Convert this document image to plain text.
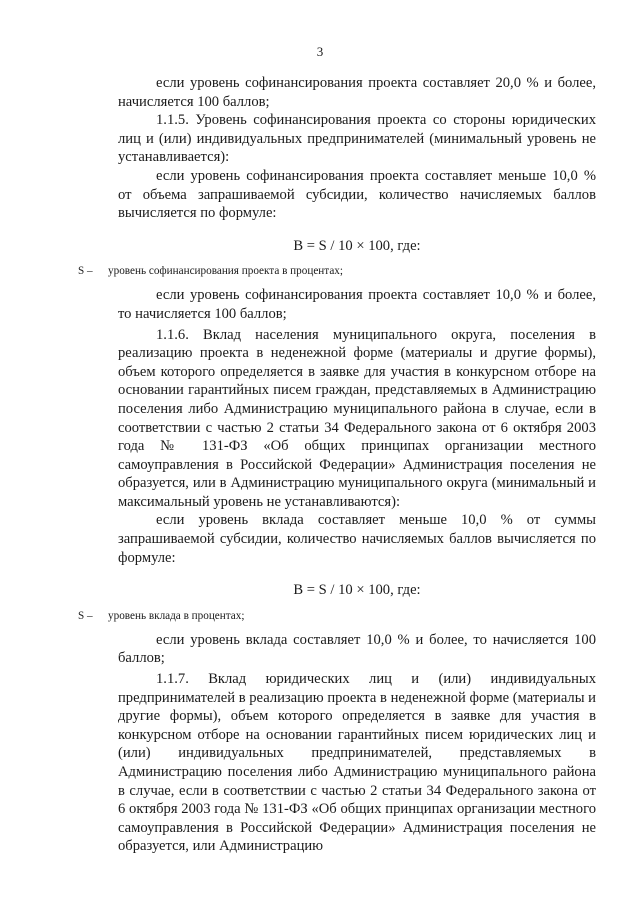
3

если уровень софинансирования проекта составляет 20,0 % и более, начисляется 100 баллов;

1.1.5. Уровень софинансирования проекта со стороны юридических лиц и (или) индивидуальных предпринимателей (минимальный уровень не устанавливается):

если уровень софинансирования проекта составляет меньше 10,0 % от объема запрашиваемой субсидии, количество начисляемых баллов вычисляется по формуле:

B = S / 10 × 100, где:

S – уровень софинансирования проекта в процентах;

если уровень софинансирования проекта составляет 10,0 % и более, то начисляется 100 баллов;

1.1.6. Вклад населения муниципального округа, поселения в реализацию проекта в неденежной форме (материалы и другие формы), объем которого определяется в заявке для участия в конкурсном отборе на основании гарантийных писем граждан, представляемых в Администрацию поселения либо Администрацию муниципального района в случае, если в соответствии с частью 2 статьи 34 Федерального закона от 6 октября 2003 года № 131-ФЗ «Об общих принципах организации местного самоуправления в Российской Федерации» Администрация поселения не образуется, или в Администрацию муниципального округа (минимальный и максимальный уровень не устанавливаются):

если уровень вклада составляет меньше 10,0 % от суммы запрашиваемой субсидии, количество начисляемых баллов вычисляется по формуле:

B = S / 10 × 100, где:

S – уровень вклада в процентах;

если уровень вклада составляет 10,0 % и более, то начисляется 100 баллов;

1.1.7. Вклад юридических лиц и (или) индивидуальных предпринимателей в реализацию проекта в неденежной форме (материалы и другие формы), объем которого определяется в заявке для участия в конкурсном отборе на основании гарантийных писем юридических лиц и (или) индивидуальных предпринимателей, представляемых в Администрацию поселения либо Администрацию муниципального района в случае, если в соответствии с частью 2 статьи 34 Федерального закона от 6 октября 2003 года № 131-ФЗ «Об общих принципах организации местного самоуправления в Российской Федерации» Администрация поселения не образуется, или Администрацию
